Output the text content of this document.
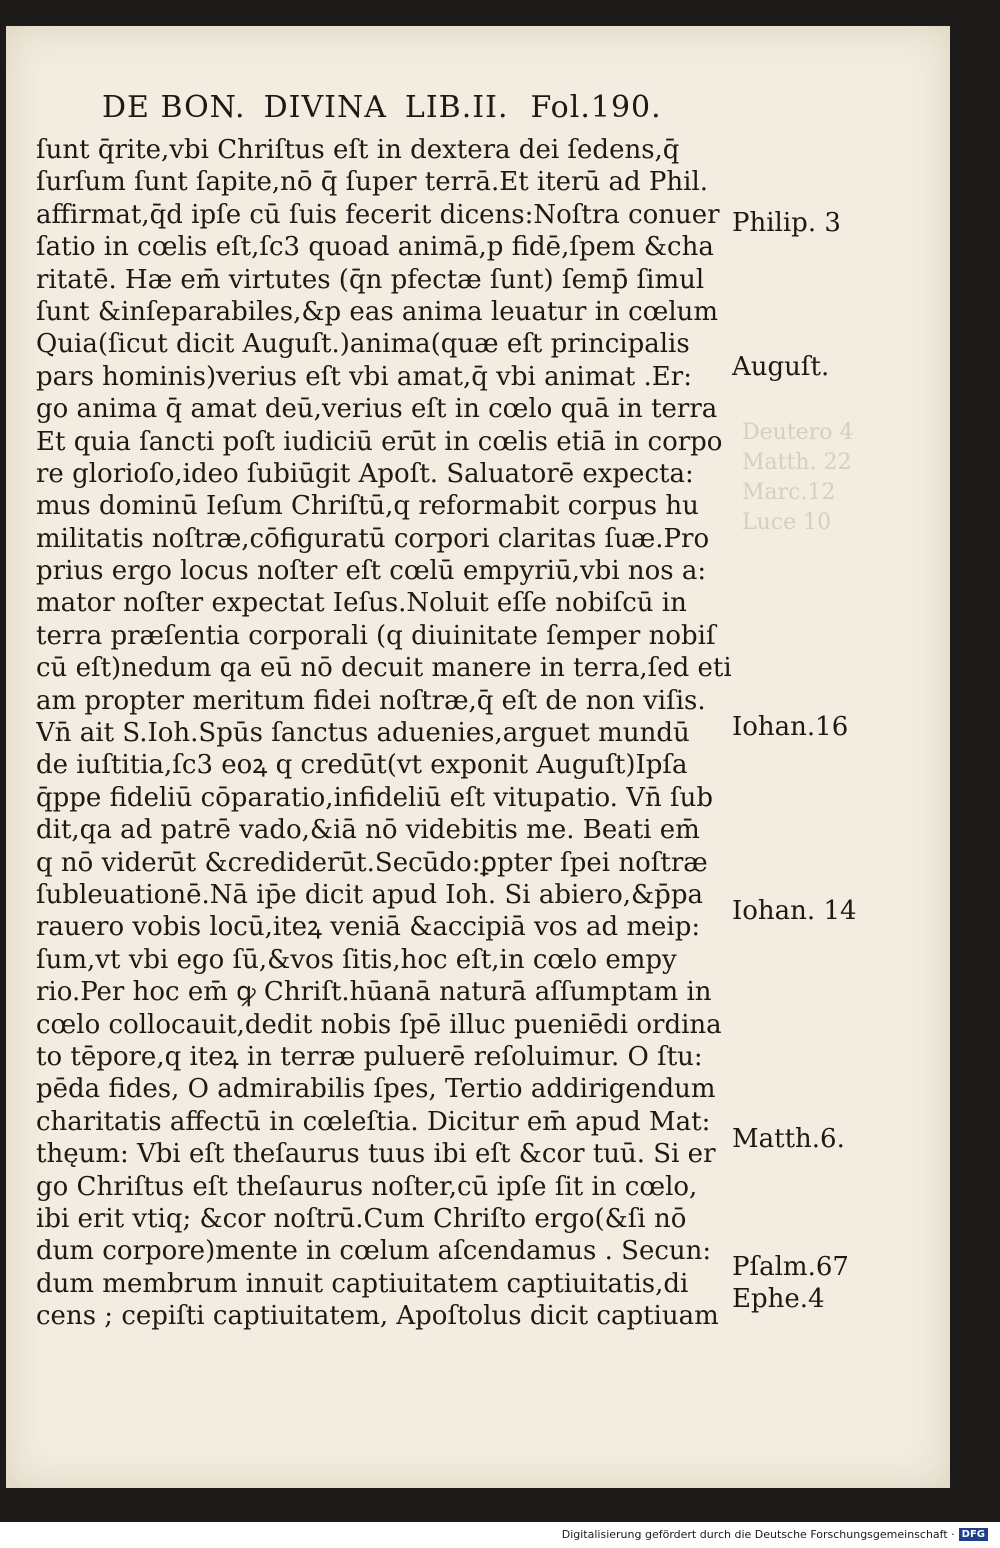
DE BON. DIVINA LIB.II. Fol.190.
Deutero 4
Matth. 22
Marc.12
Luce 10
ſunt q̄rite,vbi Chriſtus eſt in dextera dei ſedens,q̄
ſurſum ſunt ſapite,nō q̄ ſuper terrā.Et iterū ad Phil.
affirmat,q̄d ipſe cū ſuis fecerit dicens:Noſtra conuer
ſatio in cœlis eſt,ſc3 quoad animā,p fidē,ſpem &cha
ritatē. Hæ em̄ virtutes (q̄n pfectæ ſunt) ſemp̄ ſimul
ſunt &inſeparabiles,&p eas anima leuatur in cœlum
Quia(ſicut dicit Auguſt.)anima(quæ eſt principalis
pars hominis)verius eſt vbi amat,q̄ vbi animat .Er:
go anima q̄ amat deū,verius eſt in cœlo quā in terra
Et quia ſancti poſt iudiciū erūt in cœlis etiā in corpo
re glorioſo,ideo ſubiūgit Apoſt. Saluatorē expecta:
mus dominū Ieſum Chriſtū,q reformabit corpus hu
militatis noſtræ,cōfiguratū corpori claritas ſuæ.Pro
prius ergo locus noſter eſt cœlū empyriū,vbi nos a:
mator noſter expectat Ieſus.Noluit eſſe nobiſcū in
terra præſentia corporali (q diuinitate ſemper nobiſ
cū eſt)nedum qa eū nō decuit manere in terra,ſed eti
am propter meritum fidei noſtræ,q̄ eſt de non viſis.
Vn̄ ait S.Ioh.Spūs ſanctus aduenies,arguet mundū
de iuſtitia,ſc3 eoꝝ q credūt(vt exponit Auguſt)Ipſa
q̄ppe fideliū cōparatio,infideliū eſt vitupatio. Vn̄ ſub
dit,qa ad patrē vado,&iā nō videbitis me. Beati em̄
q nō viderūt &crediderūt.Secūdo:ꝑpter ſpei noſtræ
ſubleuationē.Nā ip̄e dicit apud Ioh. Si abiero,&p̄pa
rauero vobis locū,iteꝝ veniā &accipiā vos ad meip:
ſum,vt vbi ego ſū,&vos ſitis,hoc eſt,in cœlo empy
rio.Per hoc em̄ ꝙ Chriſt.hūanā naturā aſſumptam in
cœlo collocauit,dedit nobis ſpē illuc pueniēdi ordina
to tēpore,q iteꝝ in terræ puluerē reſoluimur. O ſtu:
pēda fides, O admirabilis ſpes, Tertio addirigendum
charitatis affectū in cœleſtia. Dicitur em̄ apud Mat:
thęum: Vbi eſt theſaurus tuus ibi eſt &cor tuū. Si er
go Chriſtus eſt theſaurus noſter,cū ipſe ſit in cœlo,
ibi erit vtiq; &cor noſtrū.Cum Chriſto ergo(&ſi nō
dum corpore)mente in cœlum aſcendamus . Secun:
dum membrum innuit captiuitatem captiuitatis,di
cens ; cepiſti captiuitatem, Apoſtolus dicit captiuam
Philip. 3
Auguſt.
Iohan.16
Iohan. 14
Matth.6.
Pſalm.67
Ephe.4
Digitalisierung gefördert durch die Deutsche Forschungsgemeinschaft · DFG
